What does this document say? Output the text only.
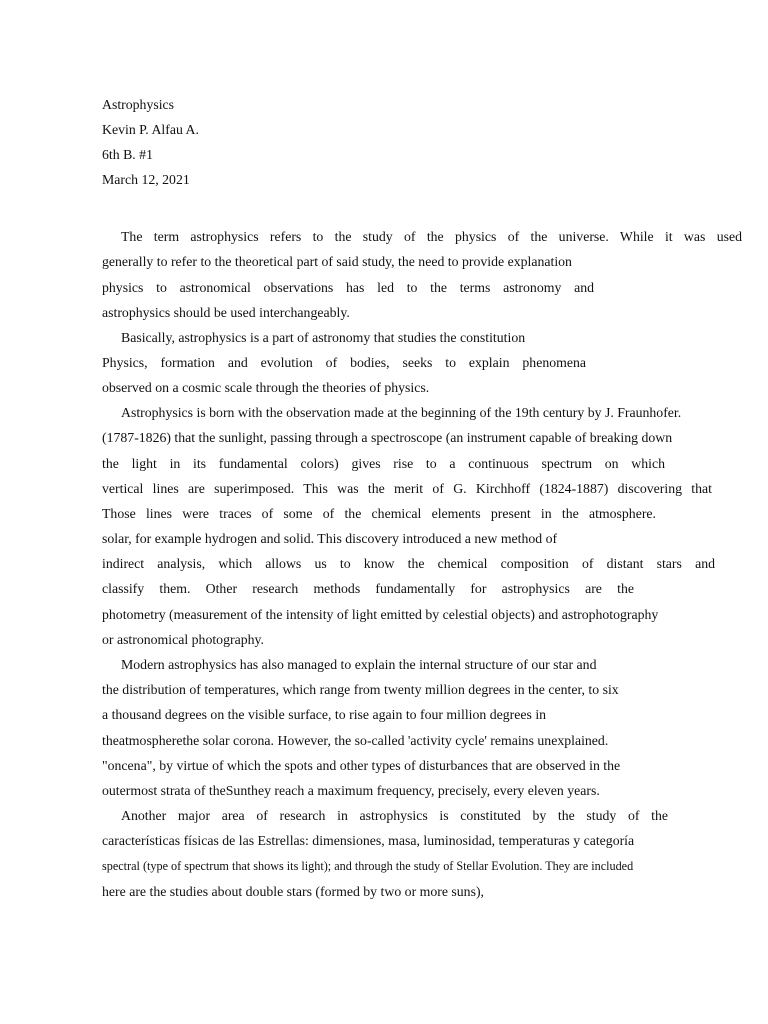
Astrophysics
Kevin P. Alfau A.
6th B. #1
March 12, 2021
The term astrophysics refers to the study of the physics of the universe. While it was used
generally to refer to the theoretical part of said study, the need to provide explanation
physics to astronomical observations has led to the terms astronomy and
astrophysics should be used interchangeably.
Basically, astrophysics is a part of astronomy that studies the constitution
Physics, formation and evolution of bodies, seeks to explain phenomena
observed on a cosmic scale through the theories of physics.
Astrophysics is born with the observation made at the beginning of the 19th century by J. Fraunhofer.
(1787-1826) that the sunlight, passing through a spectroscope (an instrument capable of breaking down
the light in its fundamental colors) gives rise to a continuous spectrum on which
vertical lines are superimposed. This was the merit of G. Kirchhoff (1824-1887) discovering that
Those lines were traces of some of the chemical elements present in the atmosphere.
solar, for example hydrogen and solid. This discovery introduced a new method of
indirect analysis, which allows us to know the chemical composition of distant stars and
classify them. Other research methods fundamentally for astrophysics are the
photometry (measurement of the intensity of light emitted by celestial objects) and astrophotography
or astronomical photography.
Modern astrophysics has also managed to explain the internal structure of our star and
the distribution of temperatures, which range from twenty million degrees in the center, to six
a thousand degrees on the visible surface, to rise again to four million degrees in
theatmospherethe solar corona. However, the so-called 'activity cycle' remains unexplained.
"oncena", by virtue of which the spots and other types of disturbances that are observed in the
outermost strata of theSunthey reach a maximum frequency, precisely, every eleven years.
Another major area of research in astrophysics is constituted by the study of the
características físicas de las Estrellas: dimensiones, masa, luminosidad, temperaturas y categoría
spectral (type of spectrum that shows its light); and through the study of Stellar Evolution. They are included
here are the studies about double stars (formed by two or more suns),
